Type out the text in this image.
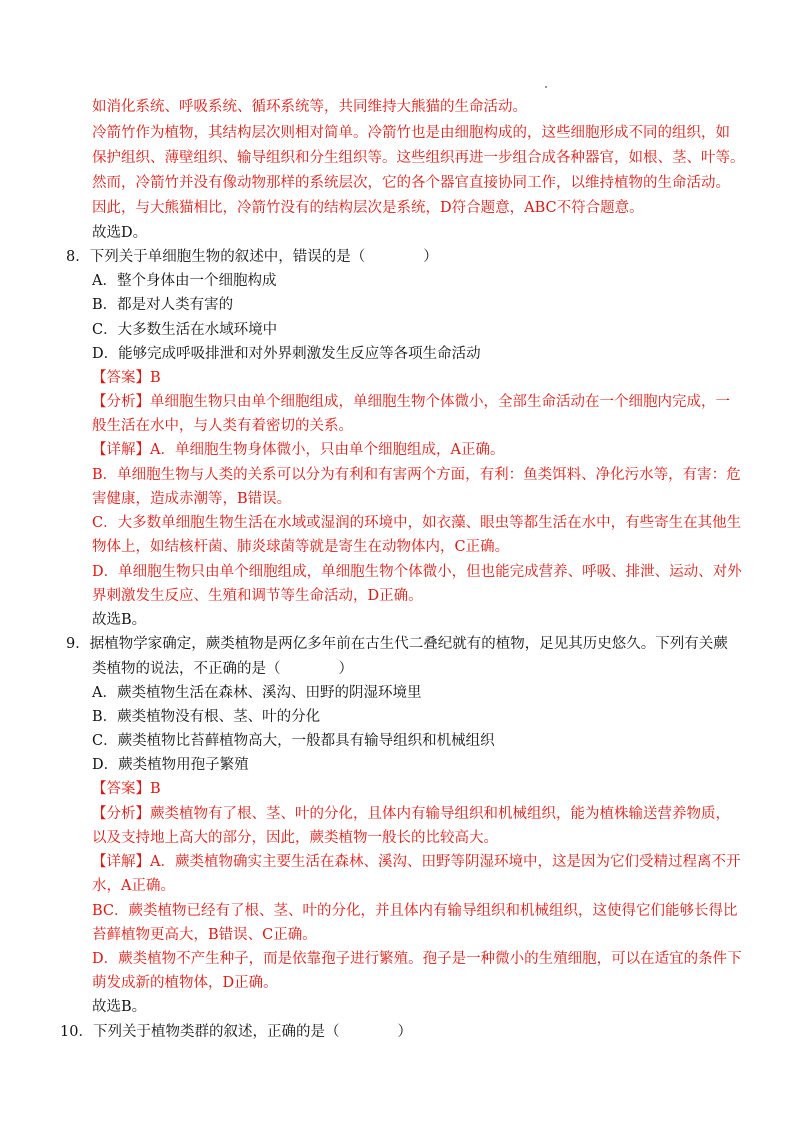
如消化系统、呼吸系统、循环系统等，共同维持大熊猫的生命活动。
冷箭竹作为植物，其结构层次则相对简单。冷箭竹也是由细胞构成的，这些细胞形成不同的组织，如
保护组织、薄壁组织、输导组织和分生组织等。这些组织再进一步组合成各种器官，如根、茎、叶等。
然而，冷箭竹并没有像动物那样的系统层次，它的各个器官直接协同工作，以维持植物的生命活动。
因此，与大熊猫相比，冷箭竹没有的结构层次是系统，D符合题意，ABC不符合题意。
故选D。
8．下列关于单细胞生物的叙述中，错误的是（　　　　）
A．整个身体由一个细胞构成
B．都是对人类有害的
C．大多数生活在水域环境中
D．能够完成呼吸排泄和对外界刺激发生反应等各项生命活动
【答案】B
【分析】单细胞生物只由单个细胞组成，单细胞生物个体微小，全部生命活动在一个细胞内完成，一
般生活在水中，与人类有着密切的关系。
【详解】A．单细胞生物身体微小，只由单个细胞组成，A正确。
B．单细胞生物与人类的关系可以分为有利和有害两个方面，有利：鱼类饵料、净化污水等，有害：危
害健康，造成赤潮等，B错误。
C．大多数单细胞生物生活在水域或湿润的环境中，如衣藻、眼虫等都生活在水中，有些寄生在其他生
物体上，如结核杆菌、肺炎球菌等就是寄生在动物体内，C正确。
D．单细胞生物只由单个细胞组成，单细胞生物个体微小，但也能完成营养、呼吸、排泄、运动、对外
界刺激发生反应、生殖和调节等生命活动，D正确。
故选B。
9．据植物学家确定，蕨类植物是两亿多年前在古生代二叠纪就有的植物，足见其历史悠久。下列有关蕨
类植物的说法，不正确的是（　　　　）
A．蕨类植物生活在森林、溪沟、田野的阴湿环境里
B．蕨类植物没有根、茎、叶的分化
C．蕨类植物比苔藓植物高大，一般都具有输导组织和机械组织
D．蕨类植物用孢子繁殖
【答案】B
【分析】蕨类植物有了根、茎、叶的分化，且体内有输导组织和机械组织，能为植株输送营养物质，
以及支持地上高大的部分，因此，蕨类植物一般长的比较高大。
【详解】A．蕨类植物确实主要生活在森林、溪沟、田野等阴湿环境中，这是因为它们受精过程离不开
水，A正确。
BC．蕨类植物已经有了根、茎、叶的分化，并且体内有输导组织和机械组织，这使得它们能够长得比
苔藓植物更高大，B错误、C正确。
D．蕨类植物不产生种子，而是依靠孢子进行繁殖。孢子是一种微小的生殖细胞，可以在适宜的条件下
萌发成新的植物体，D正确。
故选B。
10．下列关于植物类群的叙述，正确的是（　　　　）
